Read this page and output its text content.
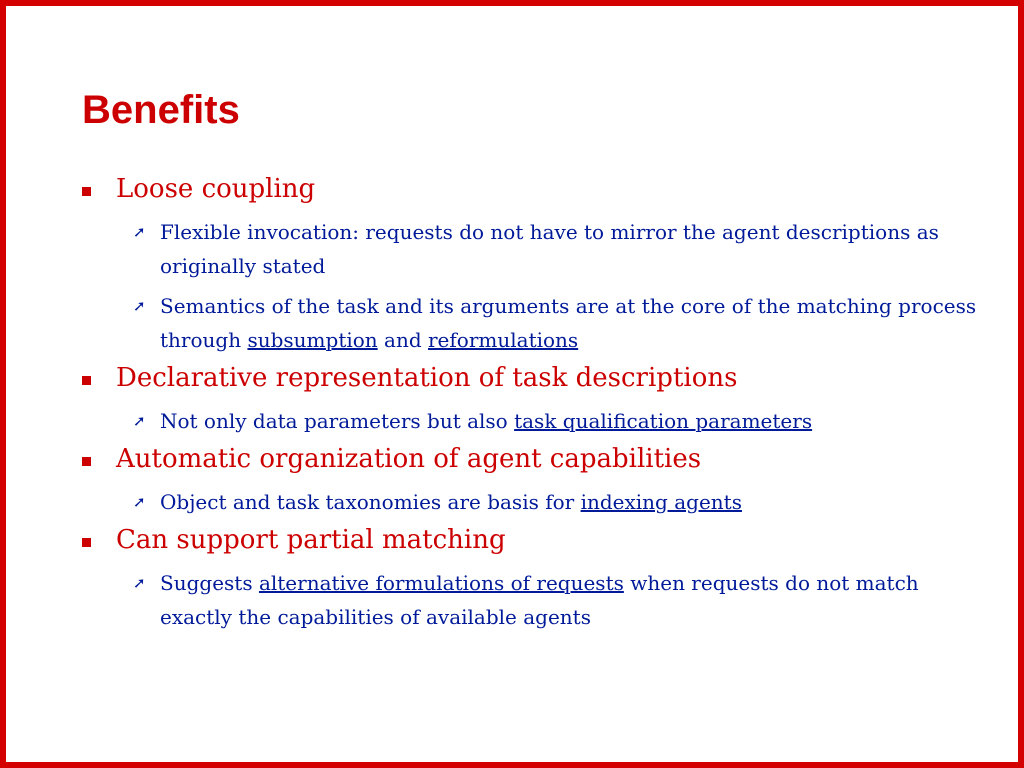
Benefits
Loose coupling
➚ Flexible invocation: requests do not have to mirror the agent descriptions as originally stated
➚ Semantics of the task and its arguments are at the core of the matching process through subsumption and reformulations
Declarative representation of task descriptions
➚ Not only data parameters but also task qualification parameters
Automatic organization of agent capabilities
➚ Object and task taxonomies are basis for indexing agents
Can support partial matching
➚ Suggests alternative formulations of requests when requests do not match exactly the capabilities of available agents
